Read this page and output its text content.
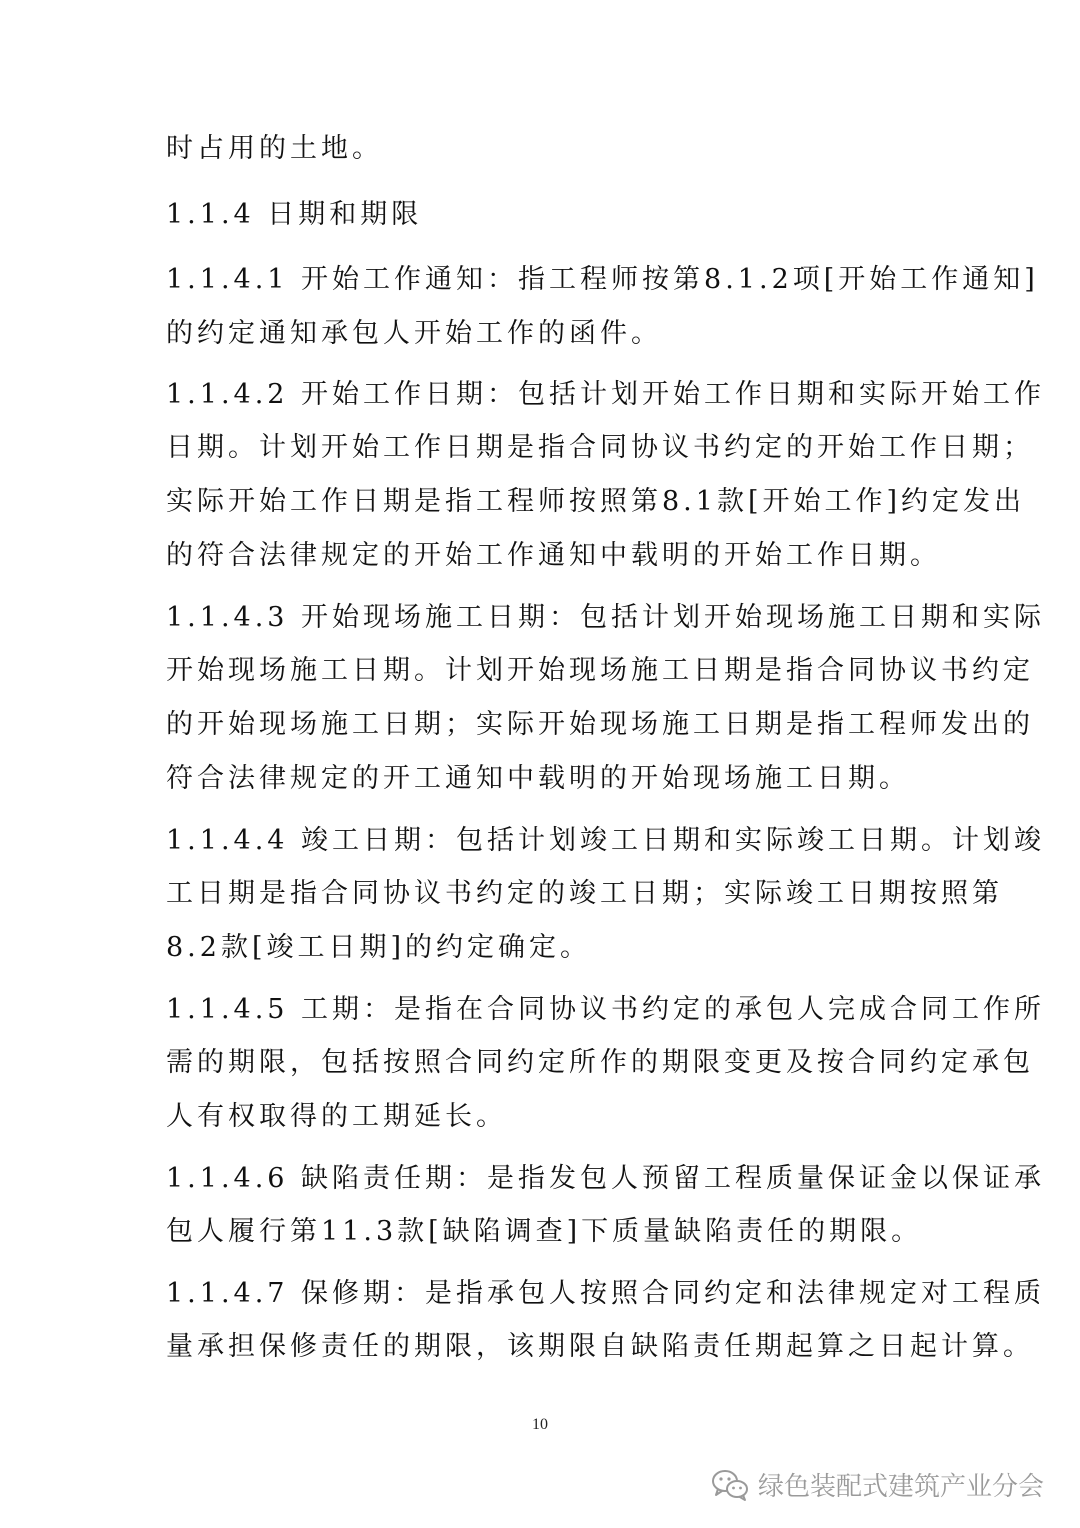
时占用的土地。
1.1.4 日期和期限
1.1.4.1 开始工作通知：指工程师按第8.1.2项[开始工作通知]
的约定通知承包人开始工作的函件。
1.1.4.2 开始工作日期：包括计划开始工作日期和实际开始工作
日期。计划开始工作日期是指合同协议书约定的开始工作日期；
实际开始工作日期是指工程师按照第8.1款[开始工作]约定发出
的符合法律规定的开始工作通知中载明的开始工作日期。
1.1.4.3 开始现场施工日期：包括计划开始现场施工日期和实际
开始现场施工日期。计划开始现场施工日期是指合同协议书约定
的开始现场施工日期；实际开始现场施工日期是指工程师发出的
符合法律规定的开工通知中载明的开始现场施工日期。
1.1.4.4 竣工日期：包括计划竣工日期和实际竣工日期。计划竣
工日期是指合同协议书约定的竣工日期；实际竣工日期按照第
8.2款[竣工日期]的约定确定。
1.1.4.5 工期：是指在合同协议书约定的承包人完成合同工作所
需的期限，包括按照合同约定所作的期限变更及按合同约定承包
人有权取得的工期延长。
1.1.4.6 缺陷责任期：是指发包人预留工程质量保证金以保证承
包人履行第11.3款[缺陷调查]下质量缺陷责任的期限。
1.1.4.7 保修期：是指承包人按照合同约定和法律规定对工程质
量承担保修责任的期限，该期限自缺陷责任期起算之日起计算。
10
绿色装配式建筑产业分会
